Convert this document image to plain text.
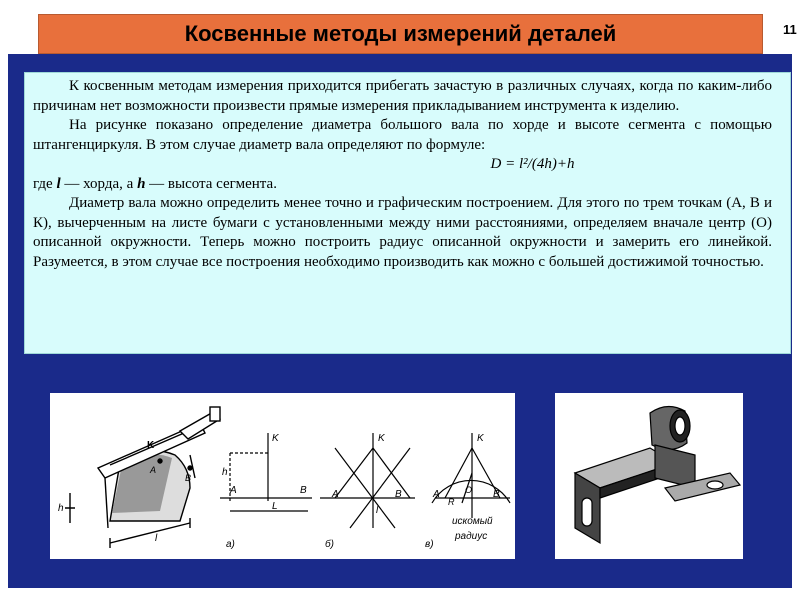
Косвенные методы измерений деталей	11

К косвенным методам измерения приходится прибегать зачастую в различных случаях, когда по каким-либо причинам нет возможности произвести прямые измерения прикладыванием инструмента к изделию.

На рисунке показано определение диаметра большого вала по хорде и высоте сегмента с помощью штангенциркуля. В этом случае диаметр вала определяют по формуле:

D = l²/(4h)+h

где l — хорда, а h — высота сегмента.

Диаметр вала можно определить менее точно и графическим построением. Для этого по трем точкам (А, В и К), вычерченным на листе бумаги с установленными между ними расстояниями, определяем вначале центр (О) описанной окружности. Теперь можно построить радиус описанной окружности и замерить его линейкой. Разумеется, в этом случае все построения необходимо производить как можно с большей достижимой точностью.

K
A
B
h
l
K
h
A
L
B
а)
K
A	B
l
б)
K
A
R
B
O
в)
искомый
радиус
